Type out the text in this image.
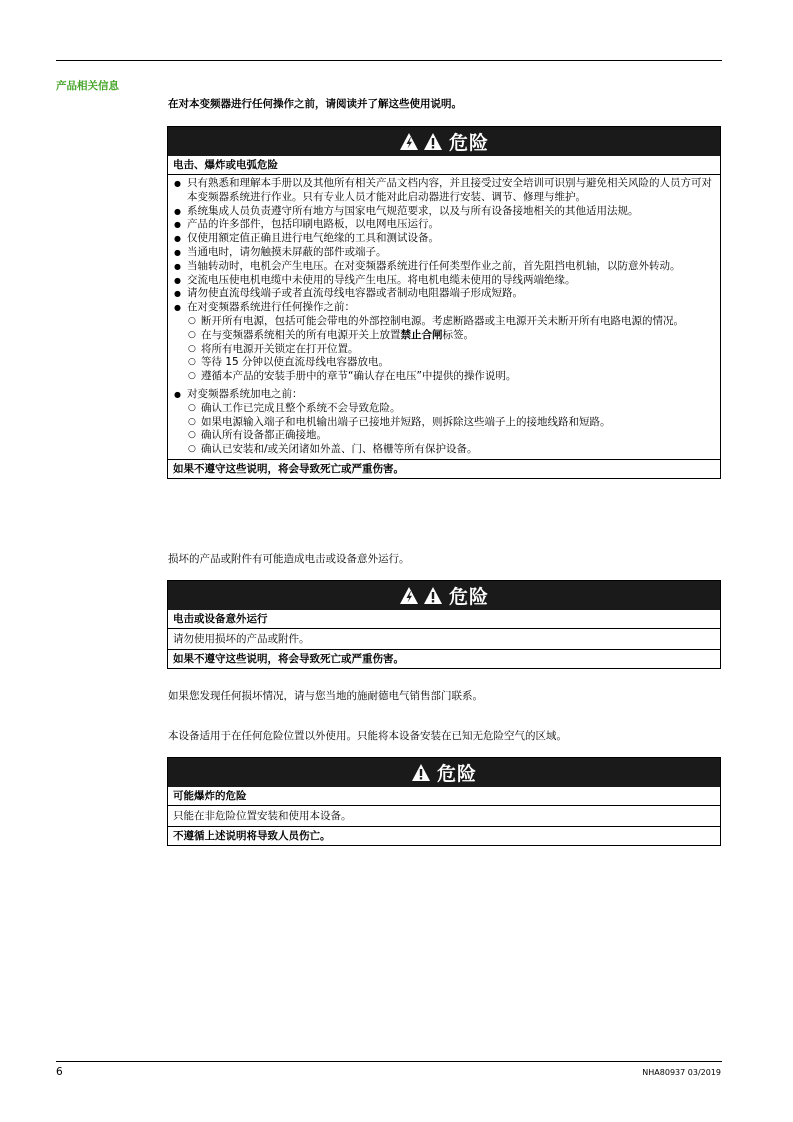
产品相关信息
在对本变频器进行任何操作之前，请阅读并了解这些使用说明。
危险
电击、爆炸或电弧危险
● 只有熟悉和理解本手册以及其他所有相关产品文档内容，并且接受过安全培训可识别与避免相关风险的人员方可对本变频器系统进行作业。只有专业人员才能对此启动器进行安装、调节、修理与维护。
● 系统集成人员负责遵守所有地方与国家电气规范要求，以及与所有设备接地相关的其他适用法规。
● 产品的许多部件，包括印刷电路板，以电网电压运行。
● 仅使用额定值正确且进行电气绝缘的工具和测试设备。
● 当通电时，请勿触摸未屏蔽的部件或端子。
● 当轴转动时，电机会产生电压。在对变频器系统进行任何类型作业之前，首先阻挡电机轴，以防意外转动。
● 交流电压使电机电缆中未使用的导线产生电压。将电机电缆未使用的导线两端绝缘。
● 请勿使直流母线端子或者直流母线电容器或者制动电阻器端子形成短路。
● 在对变频器系统进行任何操作之前：
○ 断开所有电源，包括可能会带电的外部控制电源。考虑断路器或主电源开关未断开所有电路电源的情况。
○ 在与变频器系统相关的所有电源开关上放置禁止合闸标签。
○ 将所有电源开关锁定在打开位置。
○ 等待 15 分钟以使直流母线电容器放电。
○ 遵循本产品的安装手册中的章节“确认存在电压”中提供的操作说明。
● 对变频器系统加电之前：
○ 确认工作已完成且整个系统不会导致危险。
○ 如果电源输入端子和电机输出端子已接地并短路，则拆除这些端子上的接地线路和短路。
○ 确认所有设备都正确接地。
○ 确认已安装和/或关闭诸如外盖、门、格栅等所有保护设备。
如果不遵守这些说明，将会导致死亡或严重伤害。
损坏的产品或附件有可能造成电击或设备意外运行。
危险
电击或设备意外运行
请勿使用损坏的产品或附件。
如果不遵守这些说明，将会导致死亡或严重伤害。
如果您发现任何损坏情况，请与您当地的施耐德电气销售部门联系。
本设备适用于在任何危险位置以外使用。只能将本设备安装在已知无危险空气的区域。
危险
可能爆炸的危险
只能在非危险位置安装和使用本设备。
不遵循上述说明将导致人员伤亡。
6	NHA80937 03/2019
